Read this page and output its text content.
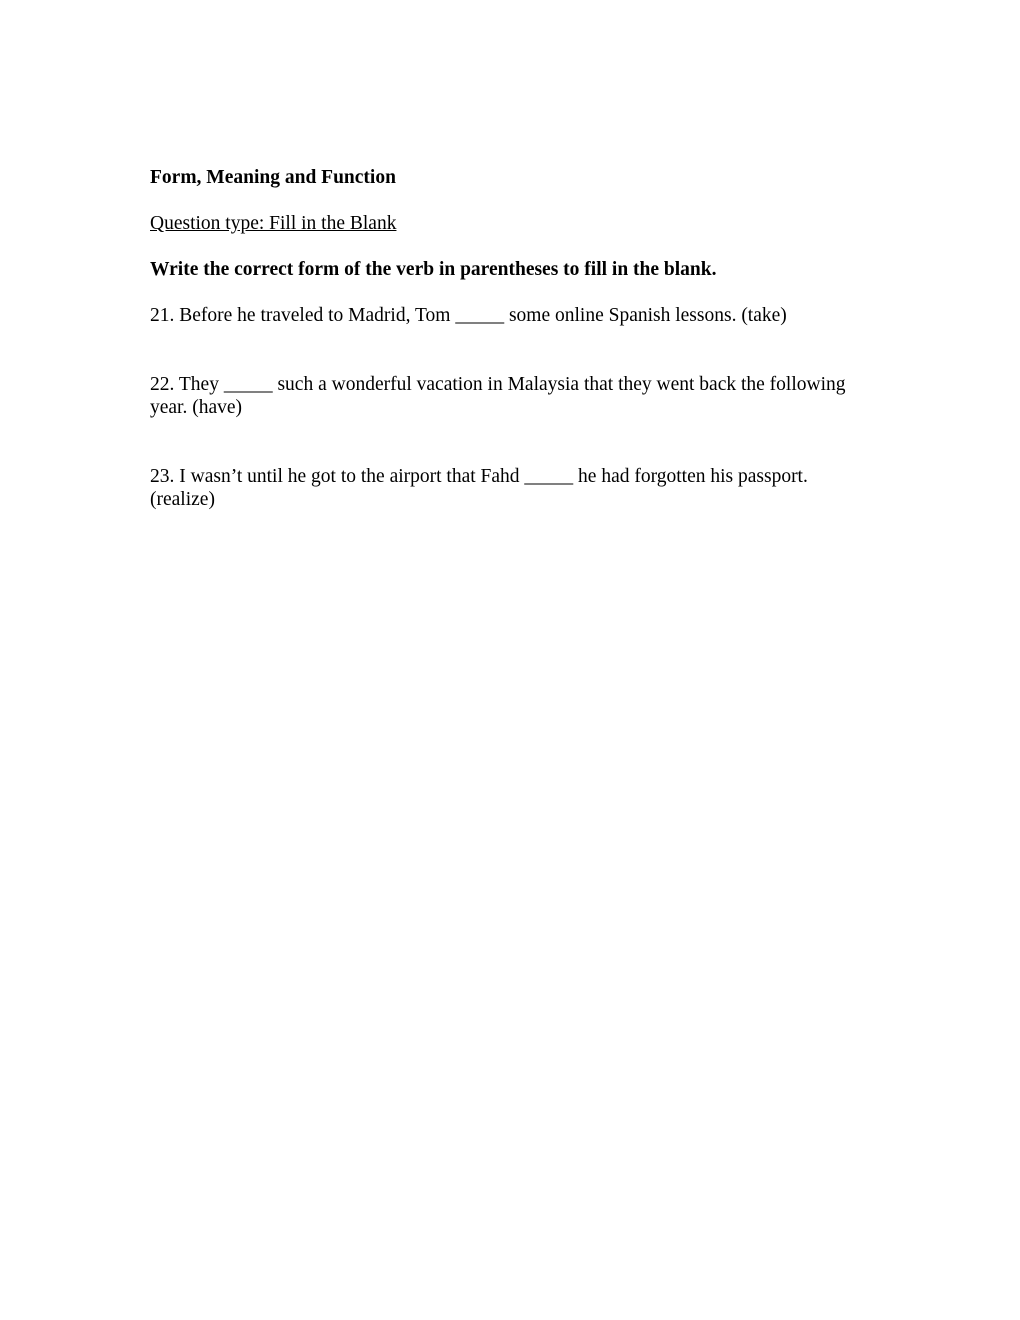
Form, Meaning and Function

Question type: Fill in the Blank

Write the correct form of the verb in parentheses to fill in the blank.

21. Before he traveled to Madrid, Tom _____ some online Spanish lessons. (take)

22. They _____ such a wonderful vacation in Malaysia that they went back the following year. (have)

23. I wasn’t until he got to the airport that Fahd _____ he had forgotten his passport. (realize)
